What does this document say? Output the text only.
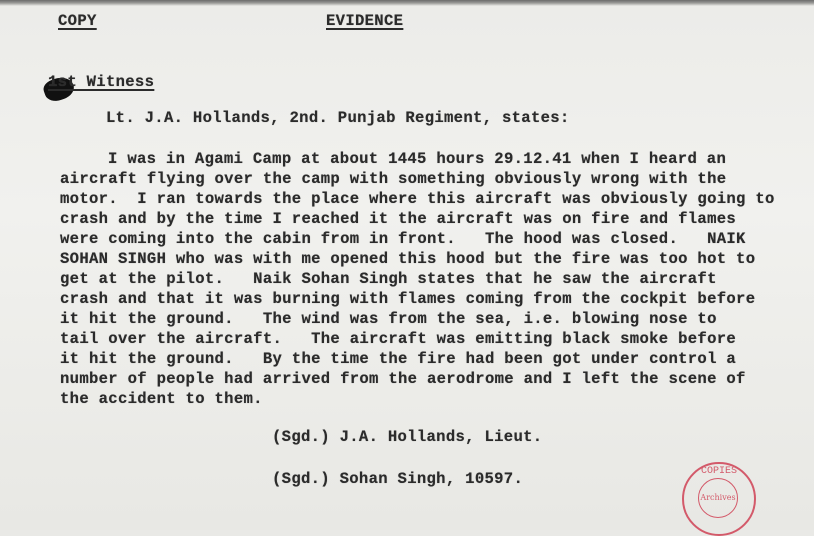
COPY	EVIDENCE
1st Witness
Lt. J.A. Hollands, 2nd. Punjab Regiment, states:
I was in Agami Camp at about 1445 hours 29.12.41 when I heard an
aircraft flying over the camp with something obviously wrong with the
motor.  I ran towards the place where this aircraft was obviously going to
crash and by the time I reached it the aircraft was on fire and flames
were coming into the cabin from in front.   The hood was closed.   NAIK
SOHAN SINGH who was with me opened this hood but the fire was too hot to
get at the pilot.   Naik Sohan Singh states that he saw the aircraft
crash and that it was burning with flames coming from the cockpit before
it hit the ground.   The wind was from the sea, i.e. blowing nose to
tail over the aircraft.   The aircraft was emitting black smoke before
it hit the ground.   By the time the fire had been got under control a
number of people had arrived from the aerodrome and I left the scene of
the accident to them.
(Sgd.) J.A. Hollands, Lieut.
(Sgd.) Sohan Singh, 10597.	COPIES
Archives
